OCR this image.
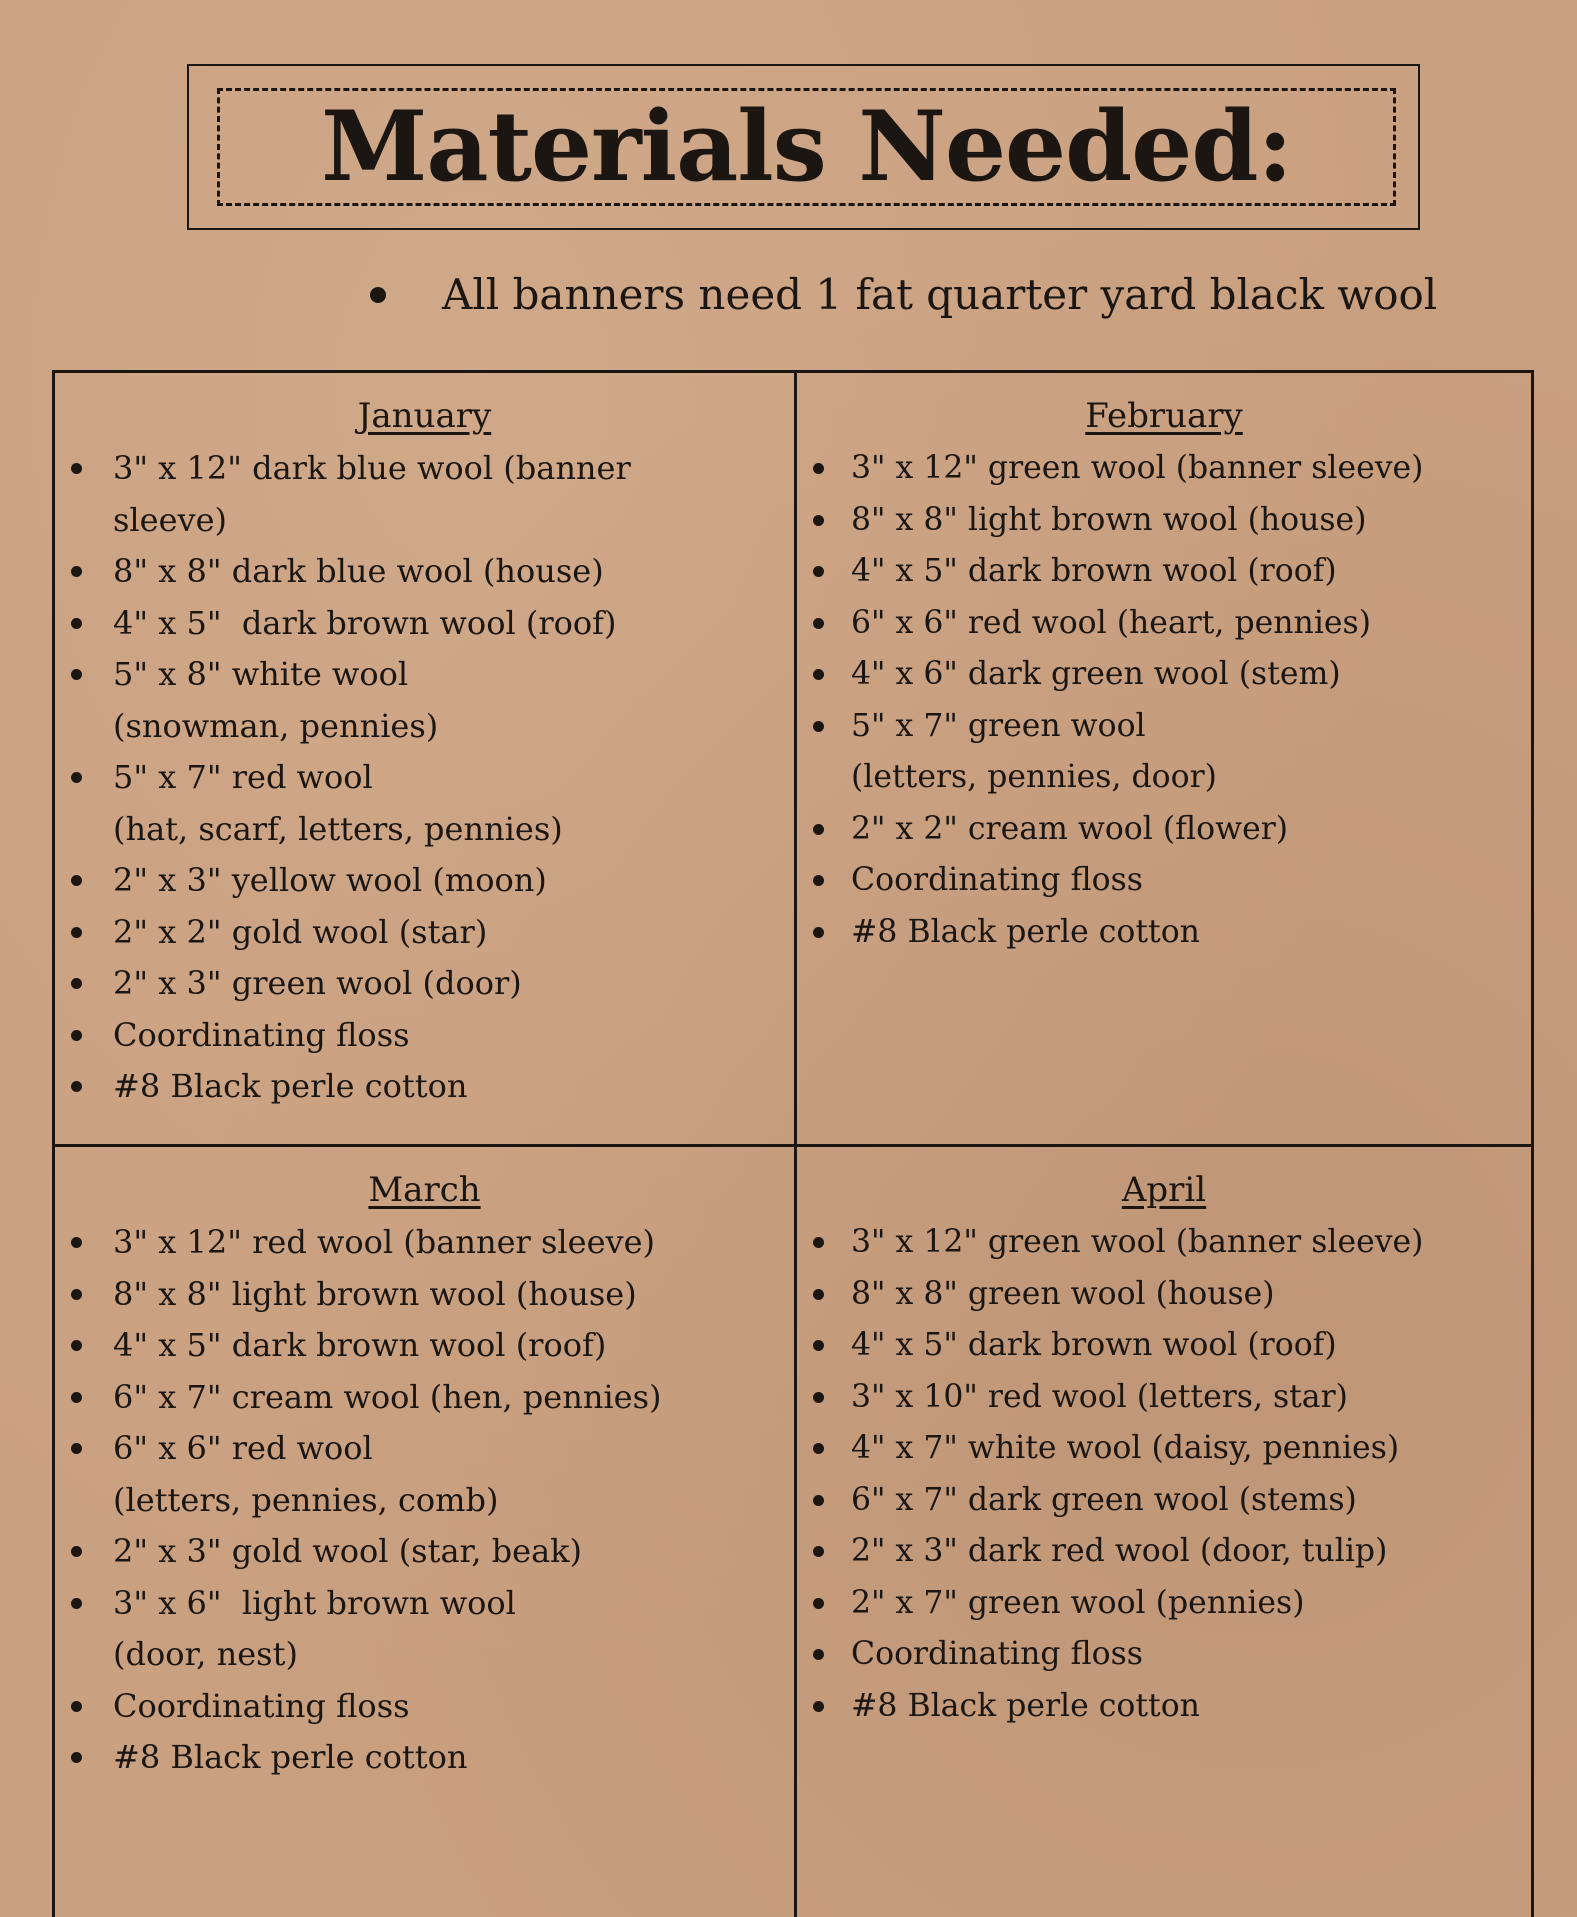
Materials Needed:
All banners need 1 fat quarter yard black wool
January
3" x 12" dark blue wool (banner
sleeve)
8" x 8" dark blue wool (house)
4" x 5"  dark brown wool (roof)
5" x 8" white wool
(snowman, pennies)
5" x 7" red wool
(hat, scarf, letters, pennies)
2" x 3" yellow wool (moon)
2" x 2" gold wool (star)
2" x 3" green wool (door)
Coordinating floss
#8 Black perle cotton
February
3" x 12" green wool (banner sleeve)
8" x 8" light brown wool (house)
4" x 5" dark brown wool (roof)
6" x 6" red wool (heart, pennies)
4" x 6" dark green wool (stem)
5" x 7" green wool
(letters, pennies, door)
2" x 2" cream wool (flower)
Coordinating floss
#8 Black perle cotton
March
3" x 12" red wool (banner sleeve)
8" x 8" light brown wool (house)
4" x 5" dark brown wool (roof)
6" x 7" cream wool (hen, pennies)
6" x 6" red wool
(letters, pennies, comb)
2" x 3" gold wool (star, beak)
3" x 6"  light brown wool
(door, nest)
Coordinating floss
#8 Black perle cotton
April
3" x 12" green wool (banner sleeve)
8" x 8" green wool (house)
4" x 5" dark brown wool (roof)
3" x 10" red wool (letters, star)
4" x 7" white wool (daisy, pennies)
6" x 7" dark green wool (stems)
2" x 3" dark red wool (door, tulip)
2" x 7" green wool (pennies)
Coordinating floss
#8 Black perle cotton
